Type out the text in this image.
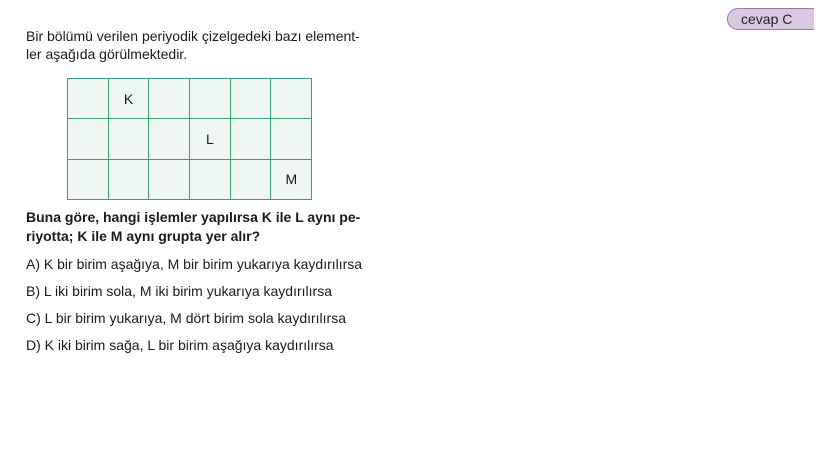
cevap C
Bir bölümü verilen periyodik çizelgedeki bazı element- ler aşağıda görülmektedir.
	K				
			L		
					M
Buna göre, hangi işlemler yapılırsa K ile L aynı pe- riyotta; K ile M aynı grupta yer alır?
A) K bir birim aşağıya, M bir birim yukarıya kaydırılırsa
B) L iki birim sola, M iki birim yukarıya kaydırılırsa
C) L bir birim yukarıya, M dört birim sola kaydırılırsa
D) K iki birim sağa, L bir birim aşağıya kaydırılırsa
